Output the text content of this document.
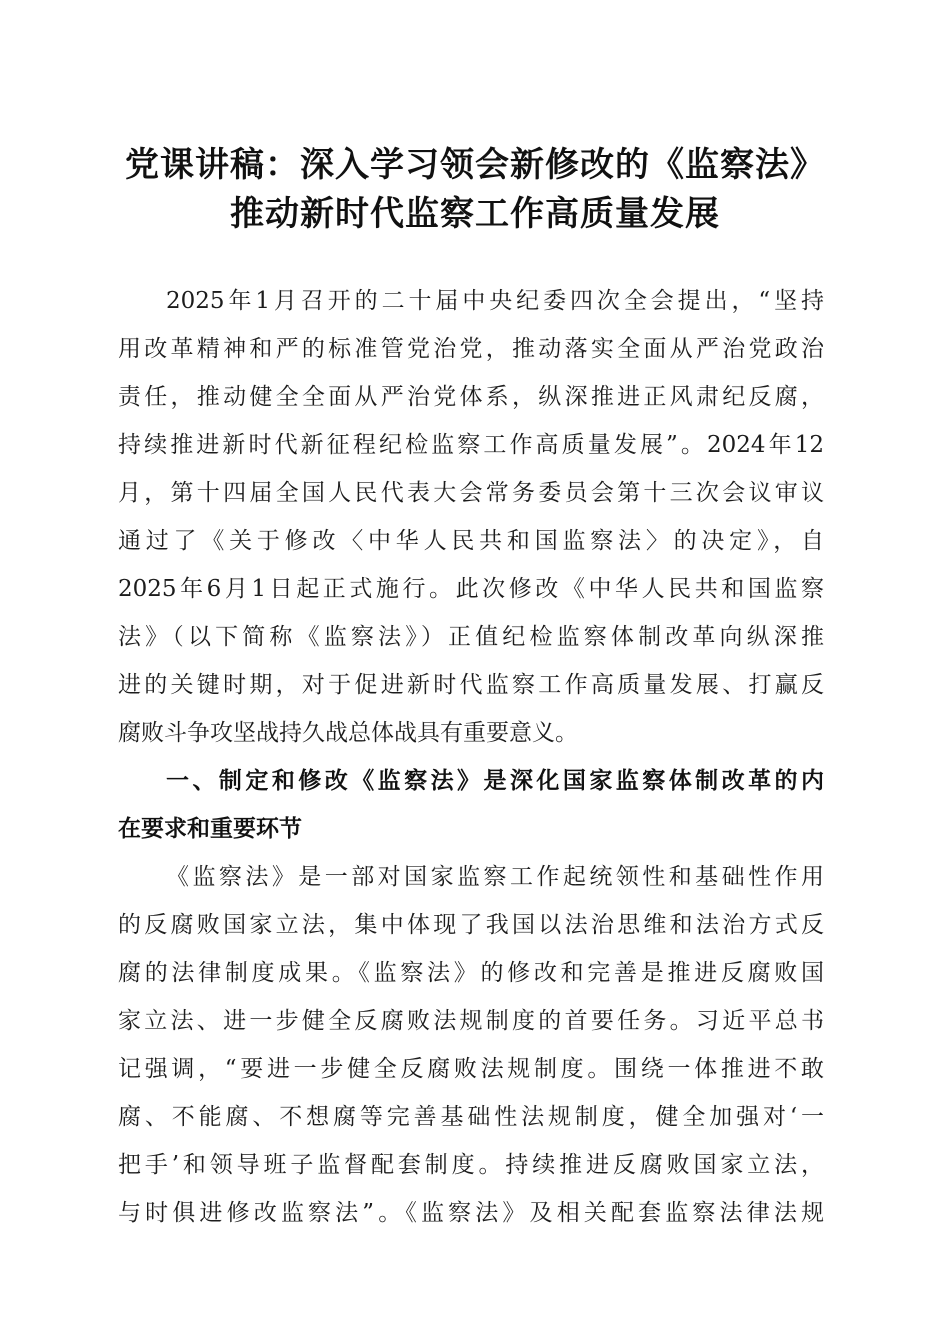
党课讲稿：深入学习领会新修改的《监察法》
推动新时代监察工作高质量发展
2025年1月召开的二十届中央纪委四次全会提出，“坚持
用改革精神和严的标准管党治党，推动落实全面从严治党政治
责任，推动健全全面从严治党体系，纵深推进正风肃纪反腐，
持续推进新时代新征程纪检监察工作高质量发展”。2024年12
月，第十四届全国人民代表大会常务委员会第十三次会议审议
通过了《关于修改〈中华人民共和国监察法〉的决定》，自
2025年6月1日起正式施行。此次修改《中华人民共和国监察
法》（以下简称《监察法》）正值纪检监察体制改革向纵深推
进的关键时期，对于促进新时代监察工作高质量发展、打赢反
腐败斗争攻坚战持久战总体战具有重要意义。
一、制定和修改《监察法》是深化国家监察体制改革的内
在要求和重要环节
《监察法》是一部对国家监察工作起统领性和基础性作用
的反腐败国家立法，集中体现了我国以法治思维和法治方式反
腐的法律制度成果。《监察法》的修改和完善是推进反腐败国
家立法、进一步健全反腐败法规制度的首要任务。习近平总书
记强调，“要进一步健全反腐败法规制度。围绕一体推进不敢
腐、不能腐、不想腐等完善基础性法规制度，健全加强对‘一
把手’和领导班子监督配套制度。持续推进反腐败国家立法，
与时俱进修改监察法”。《监察法》及相关配套监察法律法规
